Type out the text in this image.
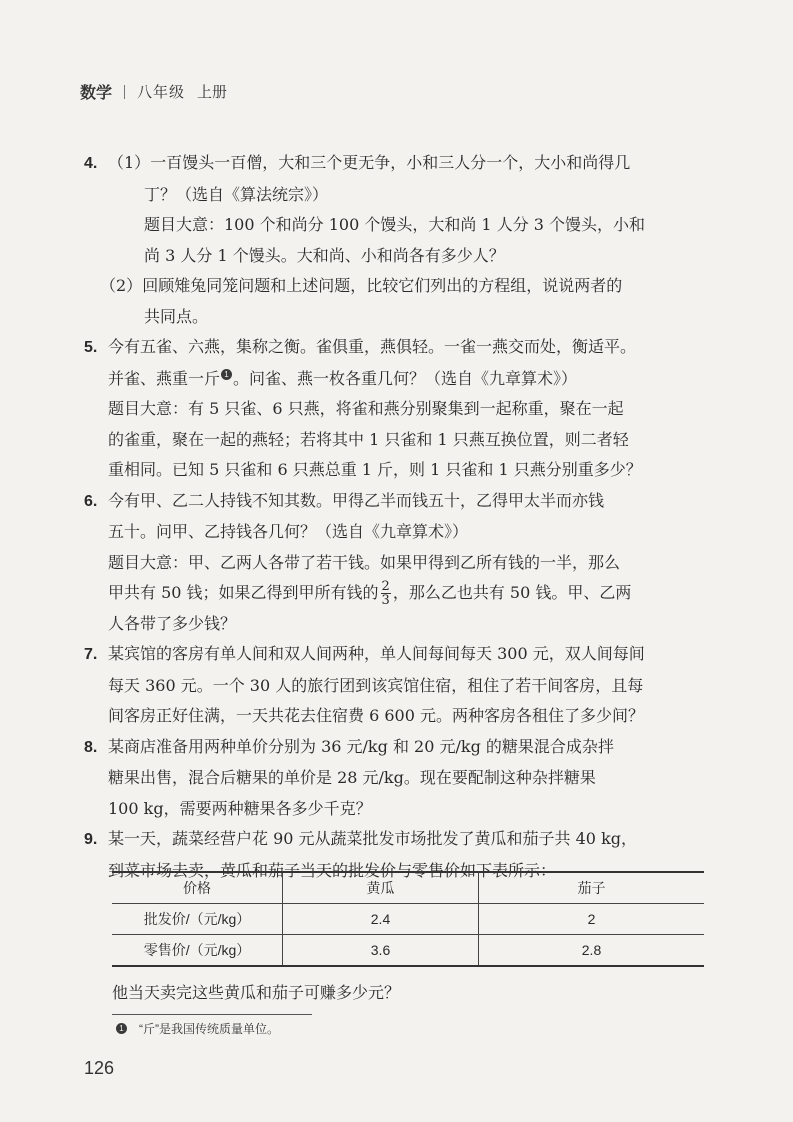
数学 八年级 上册

4. （1）一百馒头一百僧，大和三个更无争，小和三人分一个，大小和尚得几

丁？（选自《算法统宗》）

题目大意：100 个和尚分 100 个馒头，大和尚 1 人分 3 个馒头，小和

尚 3 人分 1 个馒头。大和尚、小和尚各有多少人？

（2）回顾雉兔同笼问题和上述问题，比较它们列出的方程组，说说两者的

共同点。

5. 今有五雀、六燕，集称之衡。雀俱重，燕俱轻。一雀一燕交而处，衡适平。

并雀、燕重一斤 1 。问雀、燕一枚各重几何？（选自《九章算术》）

题目大意：有 5 只雀、6 只燕，将雀和燕分别聚集到一起称重，聚在一起

的雀重，聚在一起的燕轻；若将其中 1 只雀和 1 只燕互换位置，则二者轻

重相同。已知 5 只雀和 6 只燕总重 1 斤，则 1 只雀和 1 只燕分别重多少？

6. 今有甲、乙二人持钱不知其数。甲得乙半而钱五十，乙得甲太半而亦钱

五十。问甲、乙持钱各几何？（选自《九章算术》）

题目大意：甲、乙两人各带了若干钱。如果甲得到乙所有钱的一半，那么

甲共有 50 钱；如果乙得到甲所有钱的 $\frac{2}{3}$ ，那么乙也共有 50 钱。甲、乙两

人各带了多少钱？

7. 某宾馆的客房有单人间和双人间两种，单人间每间每天 300 元，双人间每间

每天 360 元。一个 30 人的旅行团到该宾馆住宿，租住了若干间客房，且每

间客房正好住满，一天共花去住宿费 6 600 元。两种客房各租住了多少间？

8. 某商店准备用两种单价分别为 36 元/kg 和 20 元/kg 的糖果混合成杂拌

糖果出售，混合后糖果的单价是 28 元/kg。现在要配制这种杂拌糖果

100 kg，需要两种糖果各多少千克？

9. 某一天，蔬菜经营户花 90 元从蔬菜批发市场批发了黄瓜和茄子共 40 kg，

到菜市场去卖，黄瓜和茄子当天的批发价与零售价如下表所示：

价格	黄瓜	茄子
批发价/（元/kg）	2.4	2
零售价/（元/kg）	3.6	2.8
他当天卖完这些黄瓜和茄子可赚多少元？
1 “斤”是我国传统质量单位。
126
